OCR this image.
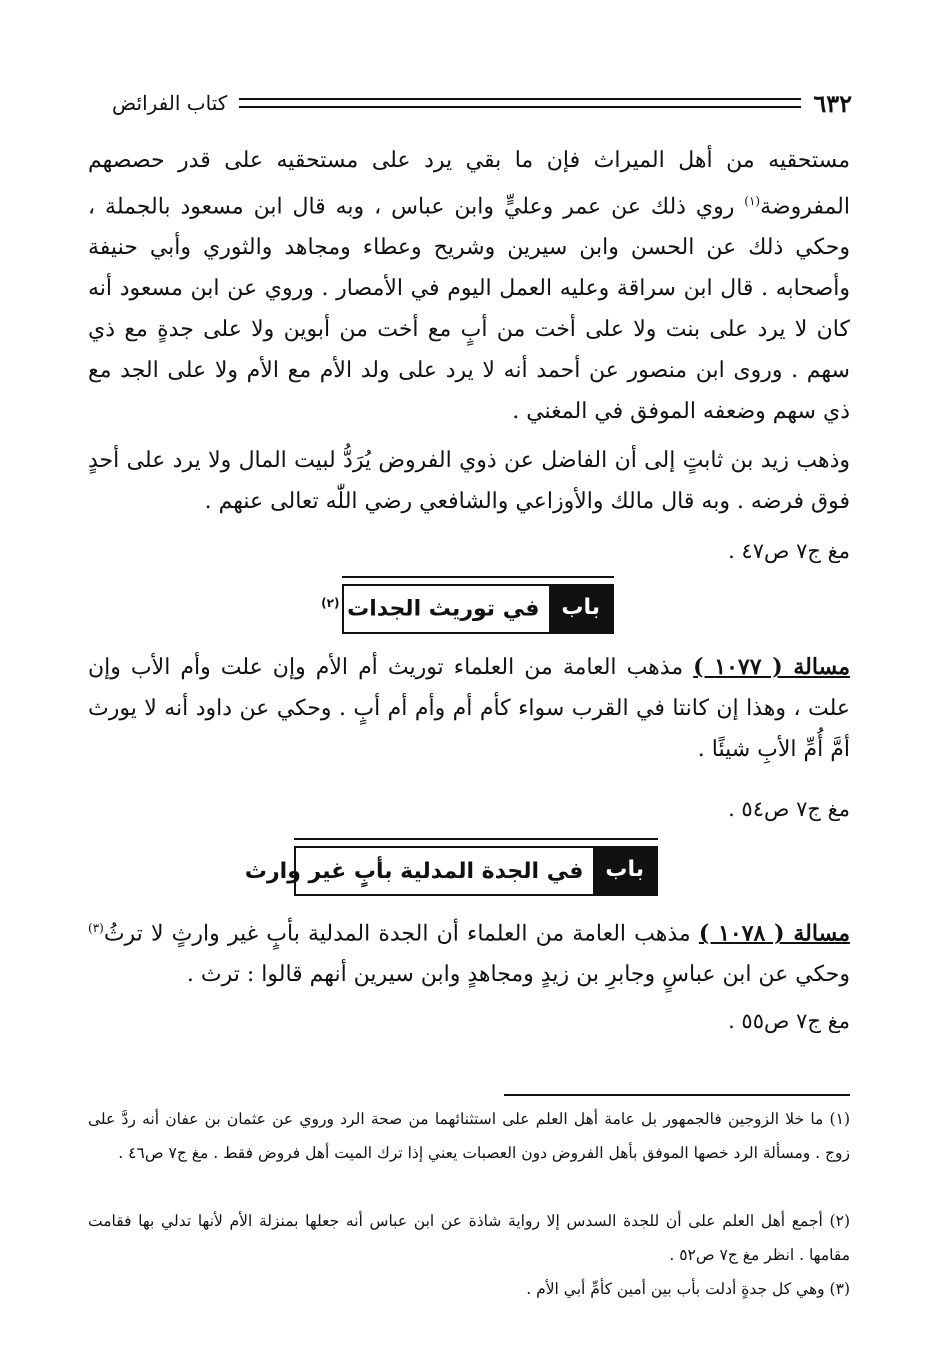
٦٣٢
كتاب الفرائض

مستحقيه من أهل الميراث فإن ما بقي يرد على مستحقيه على قدر حصصهم المفروضة$^{(١)}$ روي ذلك عن عمر وعليٍّ وابن عباس ، وبه قال ابن مسعود بالجملة ، وحكي ذلك عن الحسن وابن سيرين وشريح وعطاء ومجاهد والثوري وأبي حنيفة وأصحابه . قال ابن سراقة وعليه العمل اليوم في الأمصار . وروي عن ابن مسعود أنه كان لا يرد على بنت ولا على أخت من أبٍ مع أخت من أبوين ولا على جدةٍ مع ذي سهم . وروى ابن منصور عن أحمد أنه لا يرد على ولد الأم مع الأم ولا على الجد مع ذي سهم وضعفه الموفق في المغني .

وذهب زيد بن ثابتٍ إلى أن الفاضل عن ذوي الفروض يُرَدُّ لبيت المال ولا يرد على أحدٍ فوق فرضه . وبه قال مالك والأوزاعي والشافعي رضي اللّٰه تعالى عنهم .

مغ ج٧ ص٤٧ .

باب
في توريث الجدات $^{(٢)}$

مسالة ( ١٠٧٧ ) مذهب العامة من العلماء توريث أم الأم وإن علت وأم الأب وإن علت ، وهذا إن كانتا في القرب سواء كأم أم وأم أم أبٍ . وحكي عن داود أنه لا يورث أمَّ أُمِّ الأبِ شيئًا .

مغ ج٧ ص٥٤ .

باب
في الجدة المدلية بأبٍ غير وارث

مسالة ( ١٠٧٨ ) مذهب العامة من العلماء أن الجدة المدلية بأبٍ غير وارثٍ لا ترثُ$^{(٣)}$ وحكي عن ابن عباسٍ وجابرِ بن زيدٍ ومجاهدٍ وابن سيرين أنهم قالوا : ترث .

مغ ج٧ ص٥٥ .

(١) ما خلا الزوجين فالجمهور بل عامة أهل العلم على استثنائهما من صحة الرد وروي عن عثمان بن عفان أنه ردَّ على زوج . ومسألة الرد خصها الموفق بأهل الفروض دون العصبات يعني إذا ترك الميت أهل فروض فقط . مغ ج٧ ص٤٦ .

(٢) أجمع أهل العلم على أن للجدة السدس إلا رواية شاذة عن ابن عباس أنه جعلها بمنزلة الأم لأنها تدلي بها فقامت مقامها . انظر مغ ج٧ ص٥٢ .

(٣) وهي كل جدةٍ أدلت بأب بين أمين كأمِّ أبي الأم .
